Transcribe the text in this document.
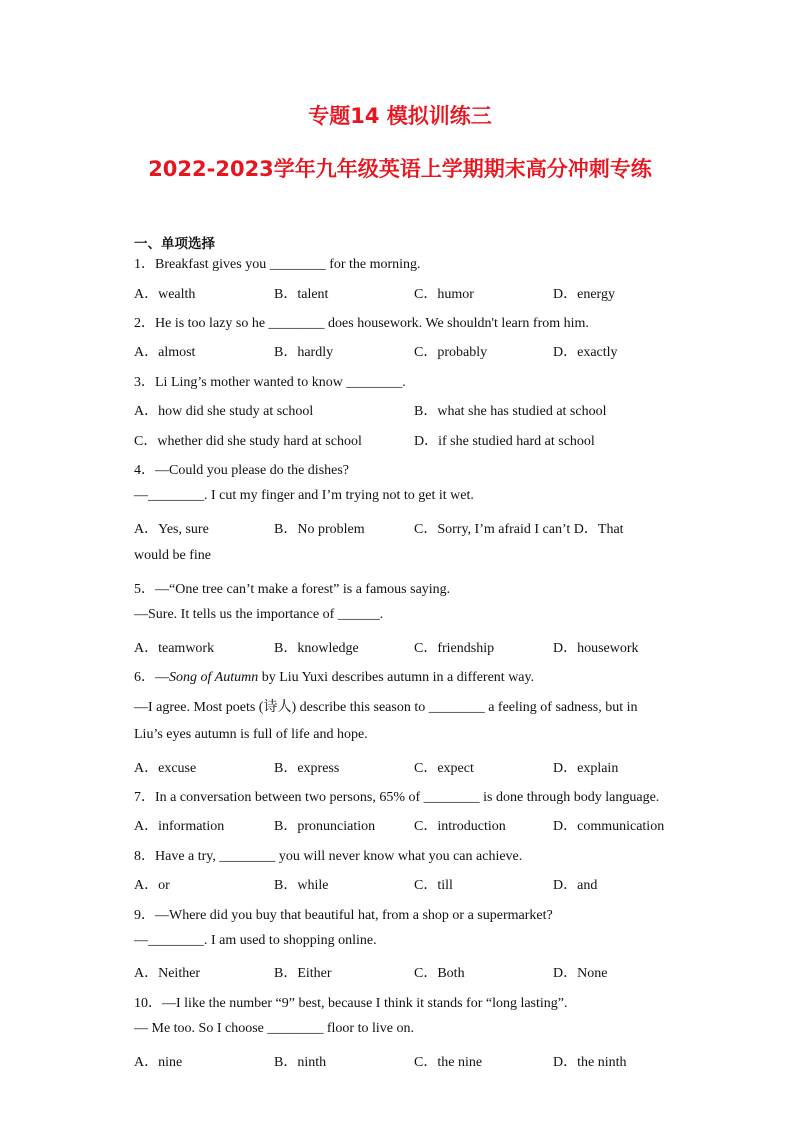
专题14 模拟训练三
2022-2023学年九年级英语上学期期末高分冲刺专练
一、单项选择
1．Breakfast gives you ________ for the morning.
A．wealth	B．talent	C．humor	D．energy
2．He is too lazy so he ________ does housework. We shouldn't learn from him.
A．almost	B．hardly	C．probably	D．exactly
3．Li Ling’s mother wanted to know ________.
A．how did she study at school	B．what she has studied at school
C．whether did she study hard at school	D．if she studied hard at school
4．—Could you please do the dishes?
—________. I cut my finger and I’m trying not to get it wet.
A．Yes, sure	B．No problem	C．Sorry, I’m afraid I can’t D．That
would be fine
5．—“One tree can’t make a forest” is a famous saying.
—Sure. It tells us the importance of ______.
A．teamwork	B．knowledge	C．friendship	D．housework
6．—Song of Autumn by Liu Yuxi describes autumn in a different way.
—I agree. Most poets (诗人) describe this season to ________ a feeling of sadness, but in
Liu’s eyes autumn is full of life and hope.
A．excuse	B．express	C．expect	D．explain
7．In a conversation between two persons, 65% of ________ is done through body language.
A．information	B．pronunciation	C．introduction	D．communication
8．Have a try, ________ you will never know what you can achieve.
A．or	B．while	C．till	D．and
9．—Where did you buy that beautiful hat, from a shop or a supermarket?
—________. I am used to shopping online.
A．Neither	B．Either	C．Both	D．None
10．—I like the number “9” best, because I think it stands for “long lasting”.
— Me too. So I choose ________ floor to live on.
A．nine	B．ninth	C．the nine	D．the ninth
